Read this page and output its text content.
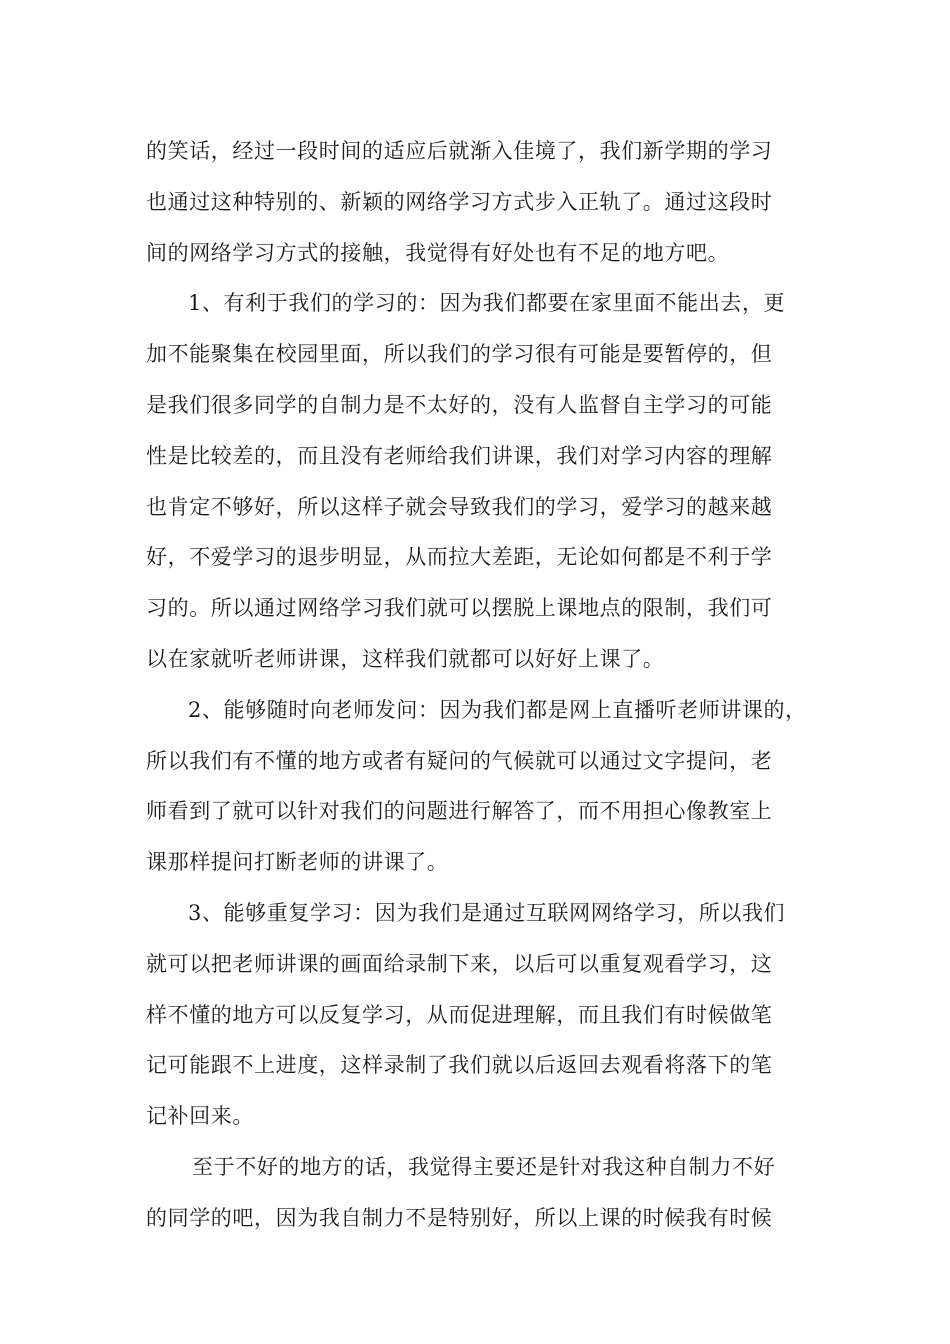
的笑话，经过一段时间的适应后就渐入佳境了，我们新学期的学习
也通过这种特别的、新颖的网络学习方式步入正轨了。通过这段时
间的网络学习方式的接触，我觉得有好处也有不足的地方吧。
1、有利于我们的学习的：因为我们都要在家里面不能出去，更
加不能聚集在校园里面，所以我们的学习很有可能是要暂停的，但
是我们很多同学的自制力是不太好的，没有人监督自主学习的可能
性是比较差的，而且没有老师给我们讲课，我们对学习内容的理解
也肯定不够好，所以这样子就会导致我们的学习，爱学习的越来越
好，不爱学习的退步明显，从而拉大差距，无论如何都是不利于学
习的。所以通过网络学习我们就可以摆脱上课地点的限制，我们可
以在家就听老师讲课，这样我们就都可以好好上课了。
2、能够随时向老师发问：因为我们都是网上直播听老师讲课的，
所以我们有不懂的地方或者有疑问的气候就可以通过文字提问，老
师看到了就可以针对我们的问题进行解答了，而不用担心像教室上
课那样提问打断老师的讲课了。
3、能够重复学习：因为我们是通过互联网网络学习，所以我们
就可以把老师讲课的画面给录制下来，以后可以重复观看学习，这
样不懂的地方可以反复学习，从而促进理解，而且我们有时候做笔
记可能跟不上进度，这样录制了我们就以后返回去观看将落下的笔
记补回来。
至于不好的地方的话，我觉得主要还是针对我这种自制力不好
的同学的吧，因为我自制力不是特别好，所以上课的时候我有时候
